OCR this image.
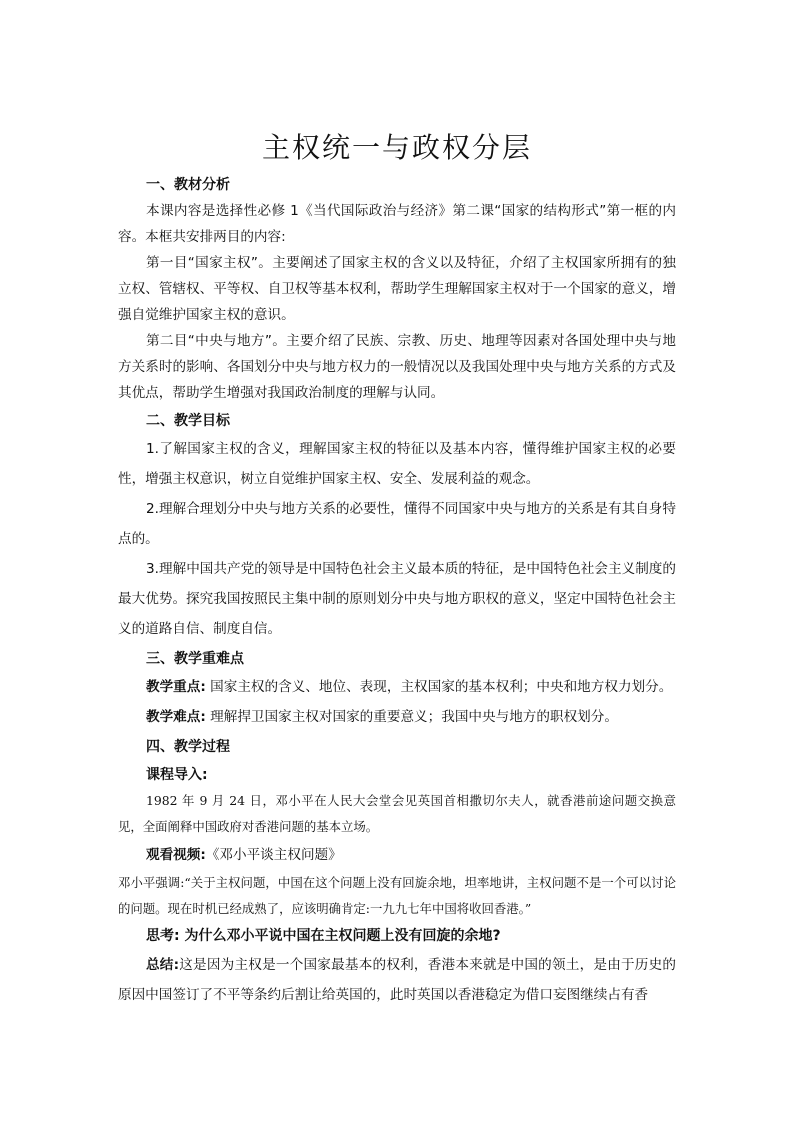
主权统一与政权分层
一、教材分析

本课内容是选择性必修 1《当代国际政治与经济》第二课“国家的结构形式”第一框的内容。本框共安排两目的内容:

第一目“国家主权”。主要阐述了国家主权的含义以及特征，介绍了主权国家所拥有的独立权、管辖权、平等权、自卫权等基本权利，帮助学生理解国家主权对于一个国家的意义，增强自觉维护国家主权的意识。

第二目“中央与地方”。主要介绍了民族、宗教、历史、地理等因素对各国处理中央与地方关系时的影响、各国划分中央与地方权力的一般情况以及我国处理中央与地方关系的方式及其优点，帮助学生增强对我国政治制度的理解与认同。

二、教学目标

1.了解国家主权的含义，理解国家主权的特征以及基本内容，懂得维护国家主权的必要性，增强主权意识，树立自觉维护国家主权、安全、发展利益的观念。

2.理解合理划分中央与地方关系的必要性，懂得不同国家中央与地方的关系是有其自身特点的。

3.理解中国共产党的领导是中国特色社会主义最本质的特征，是中国特色社会主义制度的最大优势。探究我国按照民主集中制的原则划分中央与地方职权的意义，坚定中国特色社会主义的道路自信、制度自信。

三、教学重难点

教学重点: 国家主权的含义、地位、表现，主权国家的基本权利；中央和地方权力划分。

教学难点: 理解捍卫国家主权对国家的重要意义；我国中央与地方的职权划分。

四、教学过程
课程导入:

1982 年 9 月 24 日，邓小平在人民大会堂会见英国首相撒切尔夫人，就香港前途问题交换意见，全面阐释中国政府对香港问题的基本立场。

观看视频:《邓小平谈主权问题》

邓小平强调:“关于主权问题，中国在这个问题上没有回旋余地，坦率地讲，主权问题不是一个可以讨论的问题。现在时机已经成熟了，应该明确肯定:一九九七年中国将收回香港。”

思考: 为什么邓小平说中国在主权问题上没有回旋的余地?

总结:这是因为主权是一个国家最基本的权利，香港本来就是中国的领土，是由于历史的原因中国签订了不平等条约后割让给英国的，此时英国以香港稳定为借口妄图继续占有香
